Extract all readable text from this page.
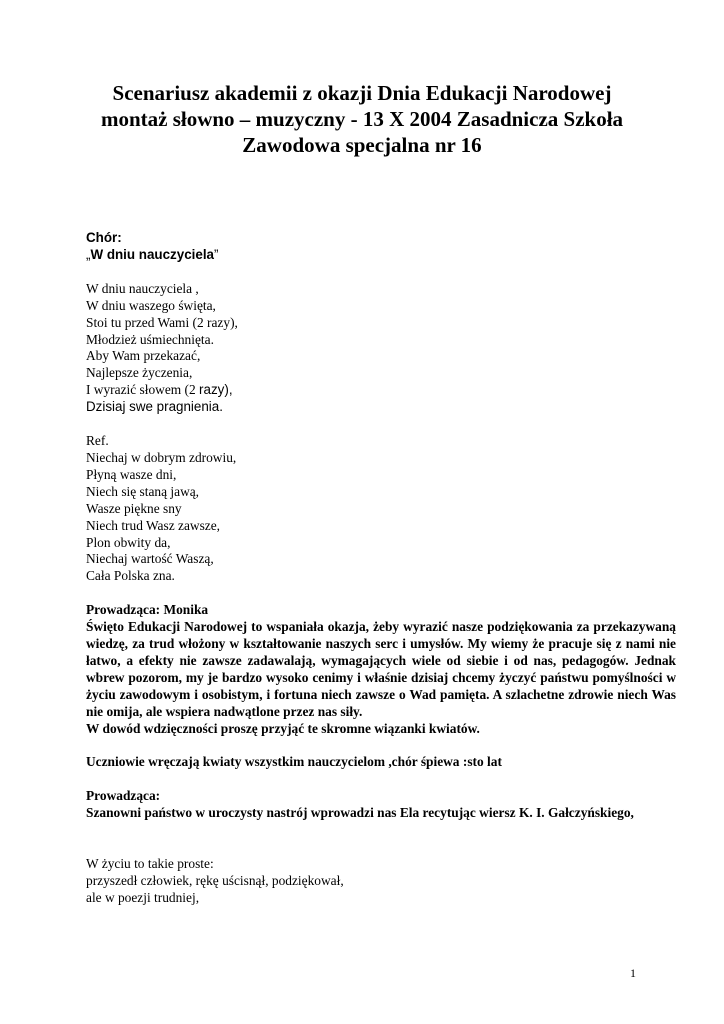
Scenariusz akademii z okazji Dnia Edukacji Narodowej
montaż słowno – muzyczny - 13 X 2004 Zasadnicza Szkoła
Zawodowa specjalna nr 16
Chór:
„W dniu nauczyciela”
W dniu nauczyciela ,
W dniu waszego święta,
Stoi tu przed Wami (2 razy),
Młodzież uśmiechnięta.
Aby Wam przekazać,
Najlepsze życzenia,
I wyrazić słowem (2 razy),
Dzisiaj swe pragnienia.
Ref.
Niechaj w dobrym zdrowiu,
Płyną wasze dni,
Niech się staną jawą,
Wasze piękne sny
Niech trud Wasz zawsze,
Plon obwity da,
Niechaj wartość Waszą,
Cała Polska zna.
Prowadząca: Monika
Święto Edukacji Narodowej to wspaniała okazja, żeby wyrazić nasze podziękowania za przekazywaną wiedzę, za trud włożony w kształtowanie naszych serc i umysłów. My wiemy że pracuje się z nami nie łatwo, a efekty nie zawsze zadawalają, wymagających wiele od siebie i od nas, pedagogów. Jednak wbrew pozorom, my je bardzo wysoko cenimy i właśnie dzisiaj chcemy życzyć państwu pomyślności w życiu zawodowym i osobistym, i fortuna niech zawsze o Wad pamięta. A szlachetne zdrowie niech Was nie omija, ale wspiera nadwątlone przez nas siły.
W dowód wdzięczności proszę przyjąć te skromne wiązanki kwiatów.
Uczniowie wręczają kwiaty wszystkim nauczycielom ,chór śpiewa :sto lat
Prowadząca:
Szanowni państwo w uroczysty nastrój wprowadzi nas Ela recytując wiersz K. I. Gałczyńskiego,
W życiu to takie proste:
przyszedł człowiek, rękę uścisnął, podziękował,
ale w poezji trudniej,
1
